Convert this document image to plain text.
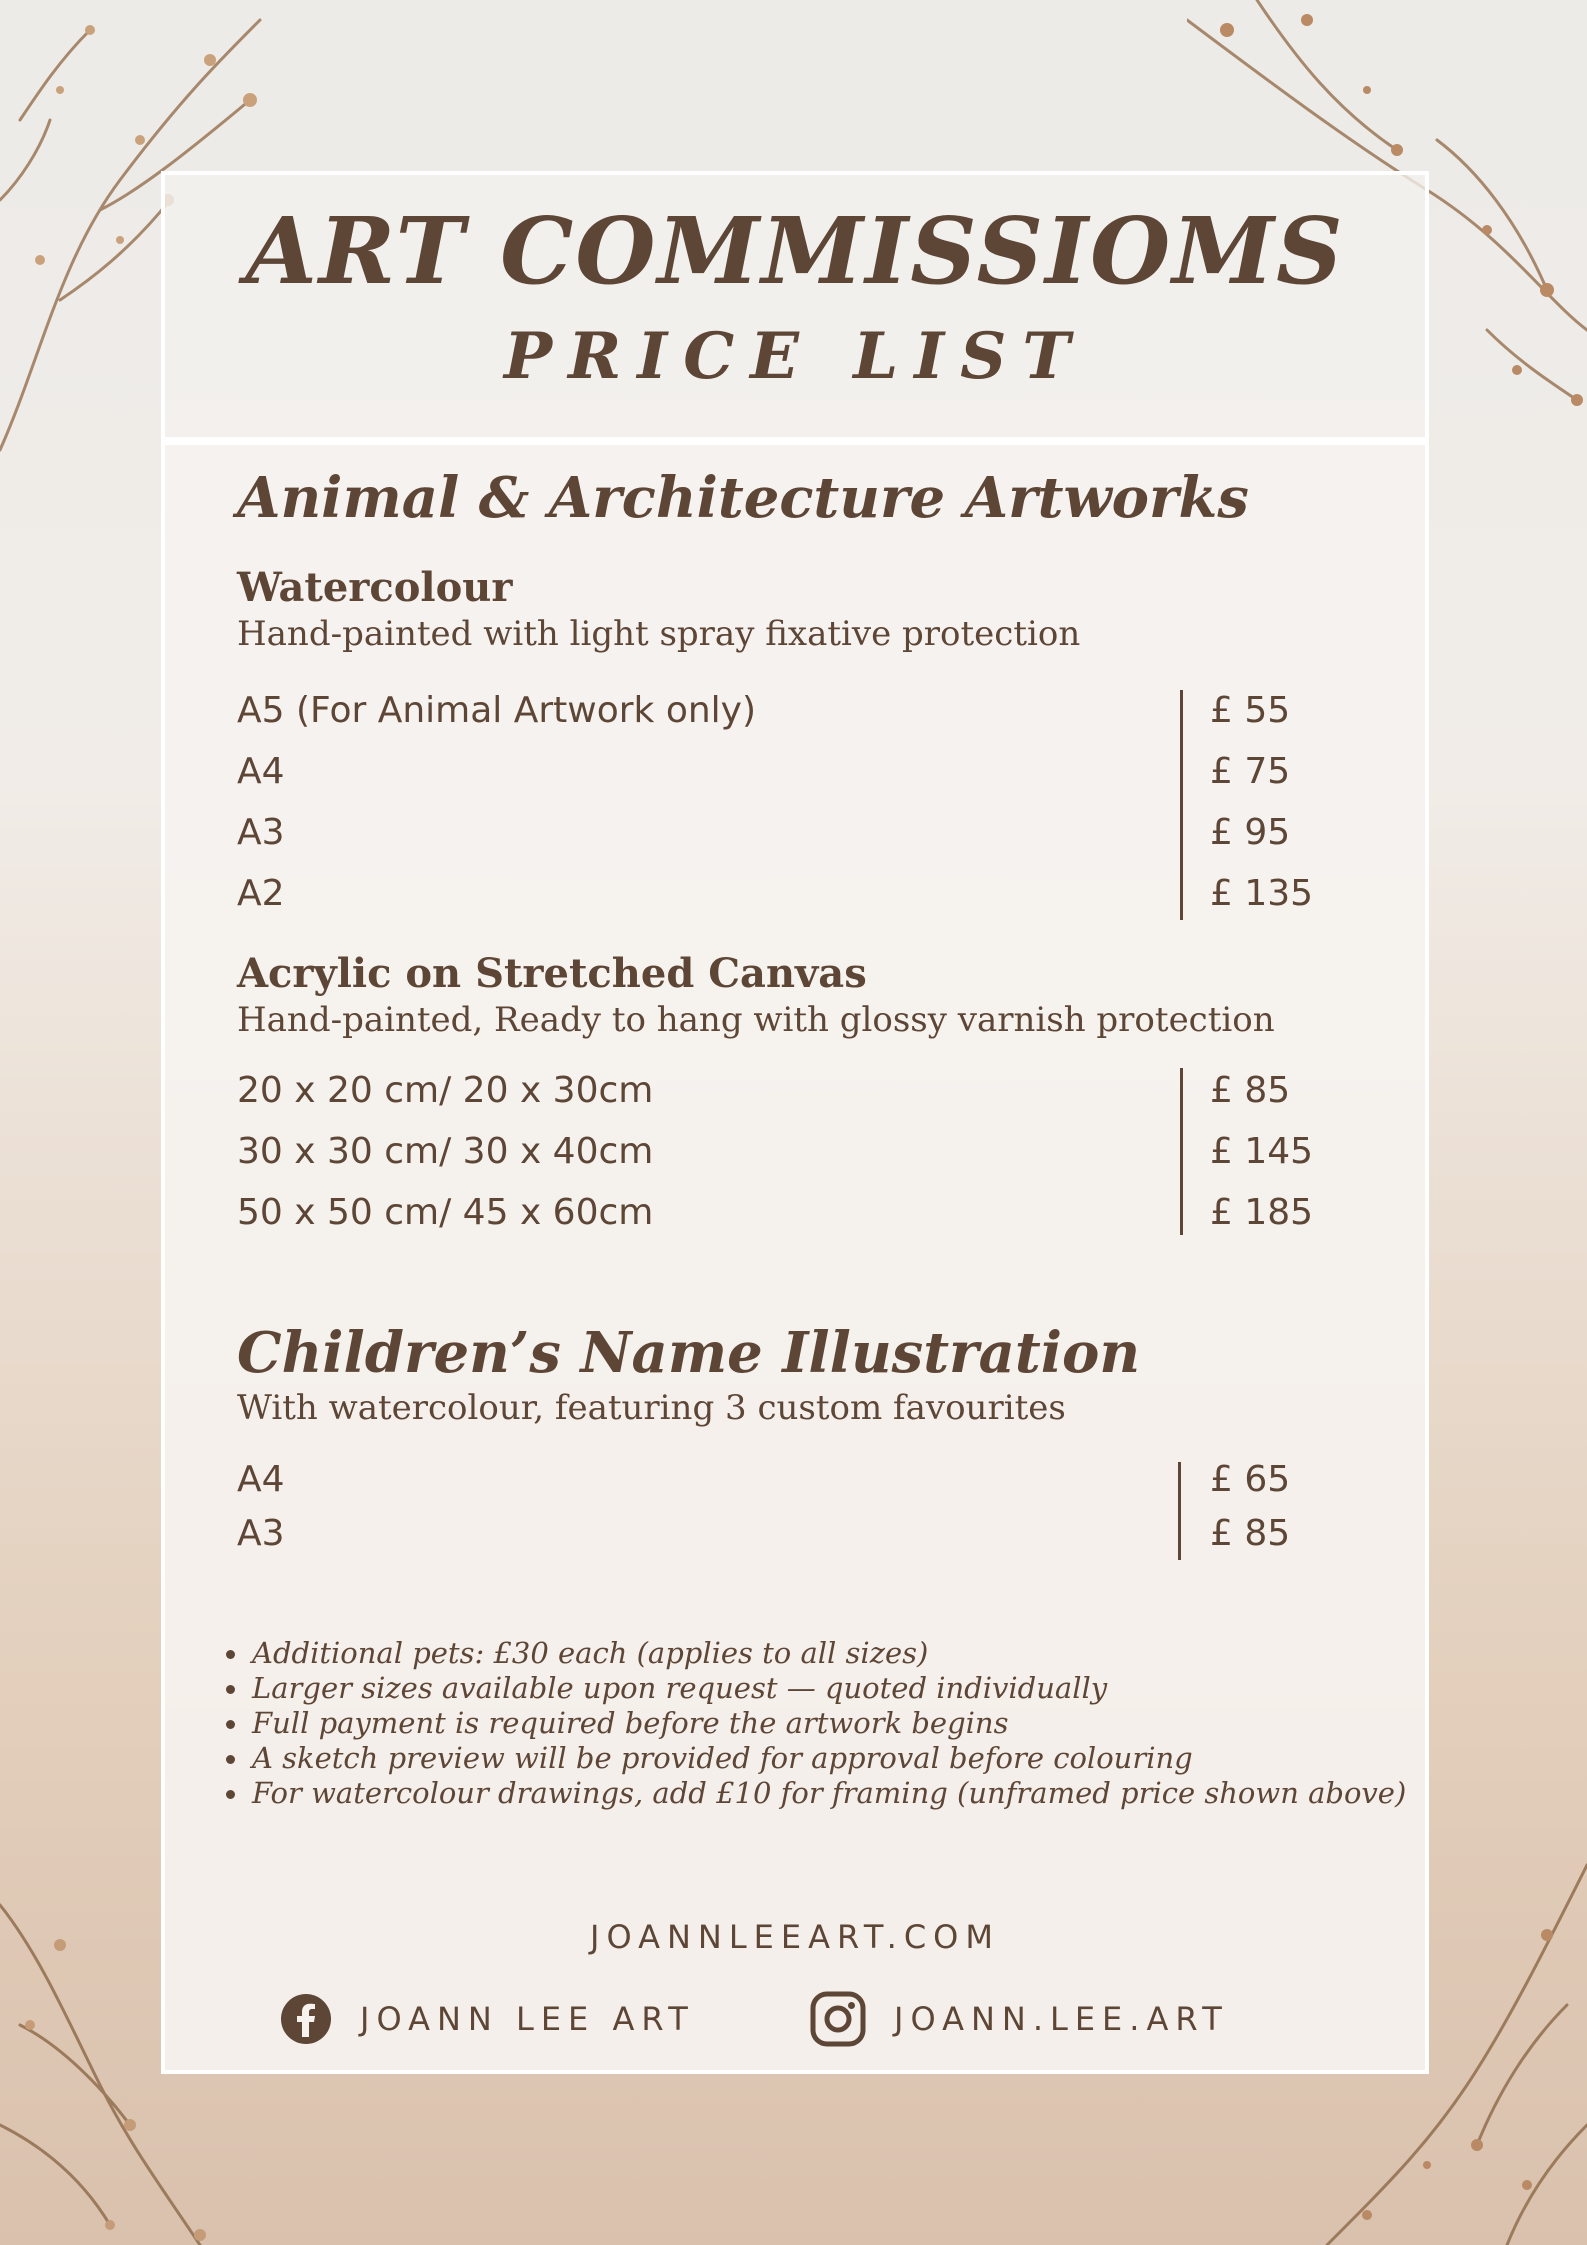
ART COMMISSIOMS
PRICE LIST
Animal & Architecture Artworks
Watercolour
Hand-painted with light spray fixative protection
A5 (For Animal Artwork only)	£ 55
A4	£ 75
A3	£ 95
A2	£ 135
Acrylic on Stretched Canvas
Hand-painted, Ready to hang with glossy varnish protection
20 x 20 cm/ 20 x 30cm	£ 85
30 x 30 cm/ 30 x 40cm	£ 145
50 x 50 cm/ 45 x 60cm	£ 185
Children’s Name Illustration
With watercolour, featuring 3 custom favourites
A4	£ 65
A3	£ 85
Additional pets: £30 each (applies to all sizes)
Larger sizes available upon request — quoted individually
Full payment is required before the artwork begins
A sketch preview will be provided for approval before colouring
For watercolour drawings, add £10 for framing (unframed price shown above)
JOANNLEEART.COM
JOANN LEE ART	JOANN.LEE.ART
